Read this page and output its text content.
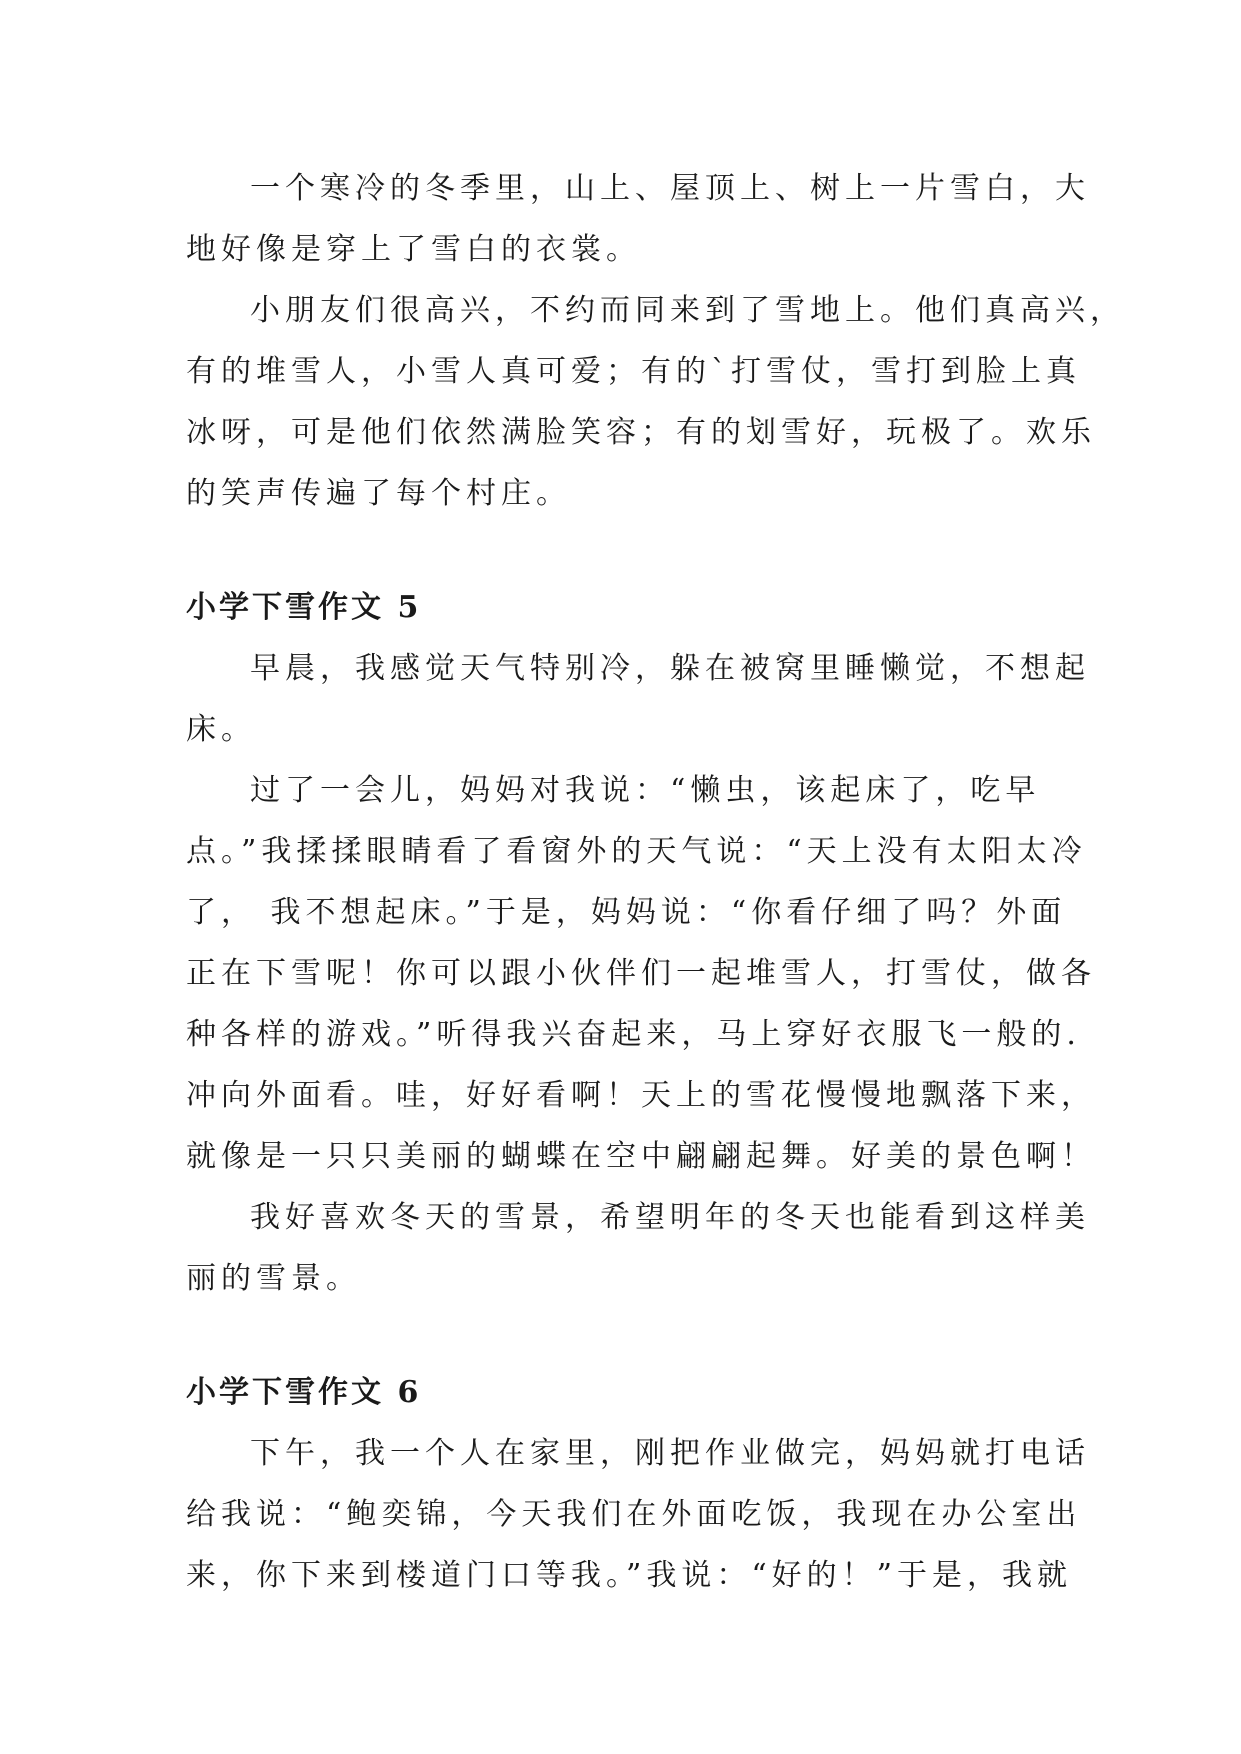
一个寒冷的冬季里，山上、屋顶上、树上一片雪白，大
地好像是穿上了雪白的衣裳。

小朋友们很高兴，不约而同来到了雪地上。他们真高兴，
有的堆雪人，小雪人真可爱；有的`打雪仗，雪打到脸上真
冰呀，可是他们依然满脸笑容；有的划雪好，玩极了。欢乐
的笑声传遍了每个村庄。

小学下雪作文 5

早晨，我感觉天气特别冷，躲在被窝里睡懒觉，不想起
床。

过了一会儿，妈妈对我说：“懒虫，该起床了，吃早
点。”我揉揉眼睛看了看窗外的天气说：“天上没有太阳太冷
了， 我不想起床。”于是，妈妈说：“你看仔细了吗？外面
正在下雪呢！你可以跟小伙伴们一起堆雪人，打雪仗，做各
种各样的游戏。”听得我兴奋起来，马上穿好衣服飞一般的.
冲向外面看。哇，好好看啊！天上的雪花慢慢地飘落下来，
就像是一只只美丽的蝴蝶在空中翩翩起舞。好美的景色啊！

我好喜欢冬天的雪景，希望明年的冬天也能看到这样美
丽的雪景。

小学下雪作文 6

下午，我一个人在家里，刚把作业做完，妈妈就打电话
给我说：“鲍奕锦，今天我们在外面吃饭，我现在办公室出
来，你下来到楼道门口等我。”我说：“好的！”于是，我就
